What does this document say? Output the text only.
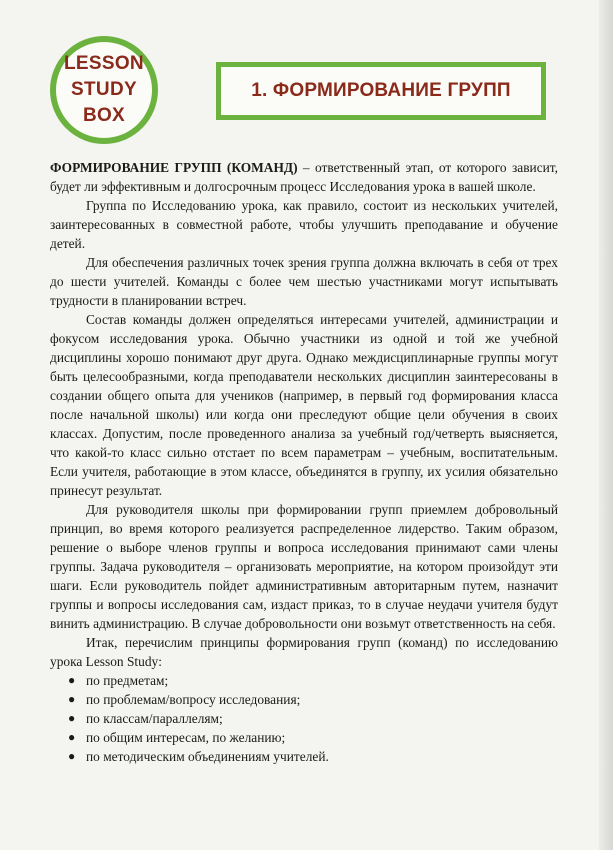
LESSON
STUDY
BOX
1. ФОРМИРОВАНИЕ ГРУПП

ФОРМИРОВАНИЕ ГРУПП (КОМАНД) – ответственный этап, от которого зависит, будет ли эффективным и долгосрочным процесс Исследования урока в вашей школе.

Группа по Исследованию урока, как правило, состоит из нескольких учителей, заинтересованных в совместной работе, чтобы улучшить преподавание и обучение детей.

Для обеспечения различных точек зрения группа должна включать в себя от трех до шести учителей. Команды с более чем шестью участниками могут испытывать трудности в планировании встреч.

Состав команды должен определяться интересами учителей, администрации и фокусом исследования урока. Обычно участники из одной и той же учебной дисциплины хорошо понимают друг друга. Однако междисциплинарные группы могут быть целесообразными, когда преподаватели нескольких дисциплин заинтересованы в создании общего опыта для учеников (например, в первый год формирования класса после начальной школы) или когда они преследуют общие цели обучения в своих классах. Допустим, после проведенного анализа за учебный год/четверть выясняется, что какой-то класс сильно отстает по всем параметрам – учебным, воспитательным. Если учителя, работающие в этом классе, объединятся в группу, их усилия обязательно принесут результат.

Для руководителя школы при формировании групп приемлем добровольный принцип, во время которого реализуется распределенное лидерство. Таким образом, решение о выборе членов группы и вопроса исследования принимают сами члены группы. Задача руководителя – организовать мероприятие, на котором произойдут эти шаги. Если руководитель пойдет административным авторитарным путем, назначит группы и вопросы исследования сам, издаст приказ, то в случае неудачи учителя будут винить администрацию. В случае добровольности они возьмут ответственность на себя.

Итак, перечислим принципы формирования групп (команд) по исследованию урока Lesson Study:

● по предметам;
● по проблемам/вопросу исследования;
● по классам/параллелям;
● по общим интересам, по желанию;
● по методическим объединениям учителей.
